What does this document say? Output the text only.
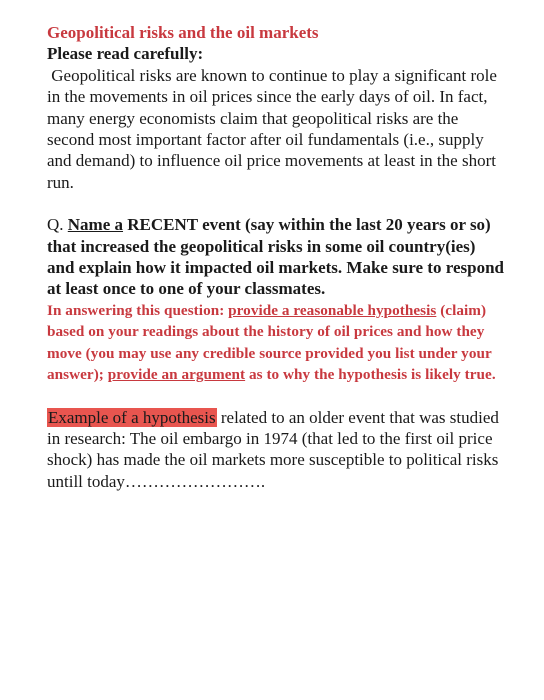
Geopolitical risks and the oil markets

Please read carefully:

Geopolitical risks are known to continue to play a significant role in the movements in oil prices since the early days of oil. In fact, many energy economists claim that geopolitical risks are the second most important factor after oil fundamentals (i.e., supply and demand) to influence oil price movements at least in the short run.

Q. Name a RECENT event (say within the last 20 years or so) that increased the geopolitical risks in some oil country(ies) and explain how it impacted oil markets. Make sure to respond at least once to one of your classmates.

In answering this question: provide a reasonable hypothesis (claim) based on your readings about the history of oil prices and how they move (you may use any credible source provided you list under your answer); provide an argument as to why the hypothesis is likely true.

Example of a hypothesis related to an older event that was studied in research: The oil embargo in 1974 (that led to the first oil price shock) has made the oil markets more susceptible to political risks untill today…………………….
